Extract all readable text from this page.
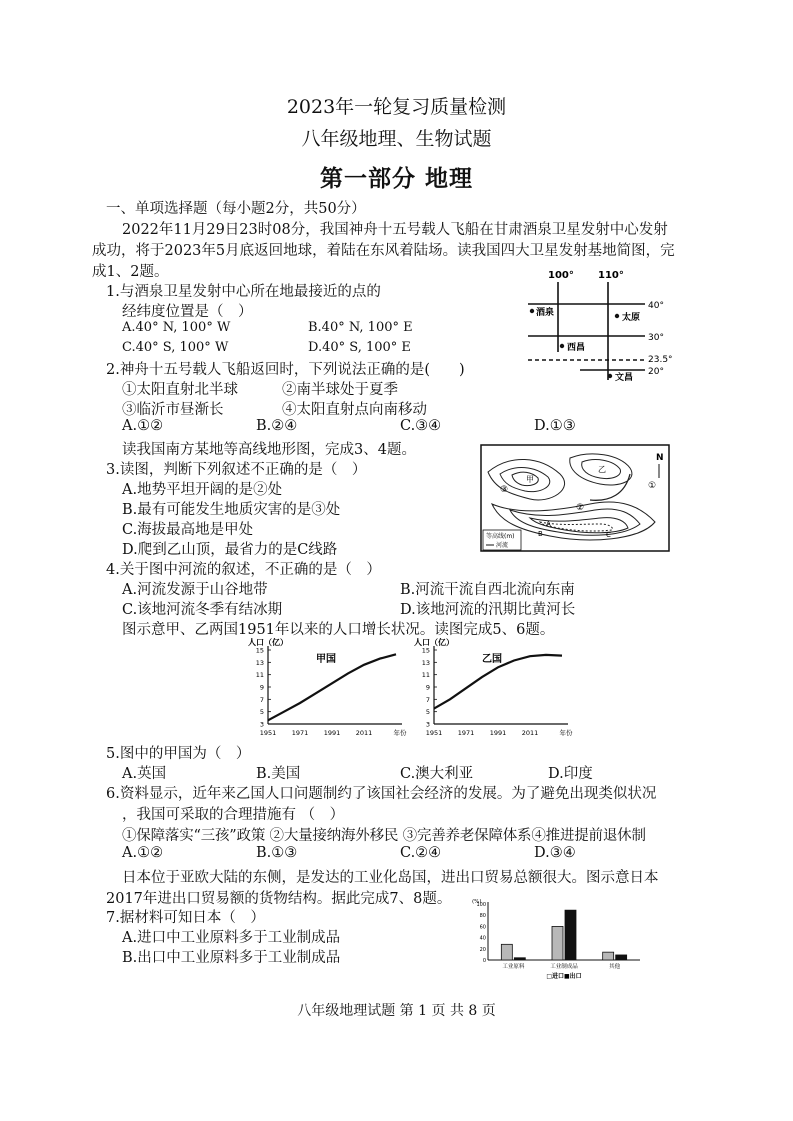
2023年一轮复习质量检测
八年级地理、生物试题
第一部分 地理
一、单项选择题（每小题2分，共50分）
2022年11月29日23时08分，我国神舟十五号载人飞船在甘肃酒泉卫星发射中心发射
成功，将于2023年5月底返回地球，着陆在东风着陆场。读我国四大卫星发射基地简图，完
成1、2题。
1.与酒泉卫星发射中心所在地最接近的点的
经纬度位置是（　）
A.40° N, 100° W	B.40° N, 100° E
C.40° S, 100° W	D.40° S, 100° E
100° 110°
40°
30°
23.5°
20°
酒泉	太原
西昌
文昌
2.神舟十五号载人飞船返回时，下列说法正确的是(　　)
①太阳直射北半球	②南半球处于夏季
③临沂市昼渐长	④太阳直射点向南移动
A.①②	B.②④	C.③④	D.①③
读我国南方某地等高线地形图，完成3、4题。
3.读图，判断下列叙述不正确的是（　）
A.地势平坦开阔的是②处
B.最有可能发生地质灾害的是③处
C.海拔最高地是甲处
D.爬到乙山顶，最省力的是C线路
N
甲
乙
①
②
③
A
B	C
等高线(m)
河流
4.关于图中河流的叙述，不正确的是（　）
A.河流发源于山谷地带	B.河流干流自西北流向东南
C.该地河流冬季有结冰期	D.该地河流的汛期比黄河长
图示意甲、乙两国1951年以来的人口增长状况。读图完成5、6题。
人口（亿）
3
5
7
9
11
13
15
1951 1971 1991 2011	年份
甲国
人口（亿）
3
5
7
9
11
13
15
1951 1971 1991 2011	年份
乙国
5.图中的甲国为（　）
A.英国	B.美国	C.澳大利亚	D.印度
6.资料显示，近年来乙国人口问题制约了该国社会经济的发展。为了避免出现类似状况
，我国可采取的合理措施有 （　）
①保障落实“三孩”政策 ②大量接纳海外移民 ③完善养老保障体系④推进提前退休制
A.①②	B.①③	C.②④	D.③④
日本位于亚欧大陆的东侧，是发达的工业化岛国，进出口贸易总额很大。图示意日本
2017年进出口贸易额的货物结构。据此完成7、8题。
7.据材料可知日本（　）
A.进口中工业原料多于工业制成品
B.出口中工业原料多于工业制成品
(%)
0
20
40
60
80
100
工业原料	工业制成品	其他
□进口■出口
八年级地理试题 第 1 页 共 8 页
